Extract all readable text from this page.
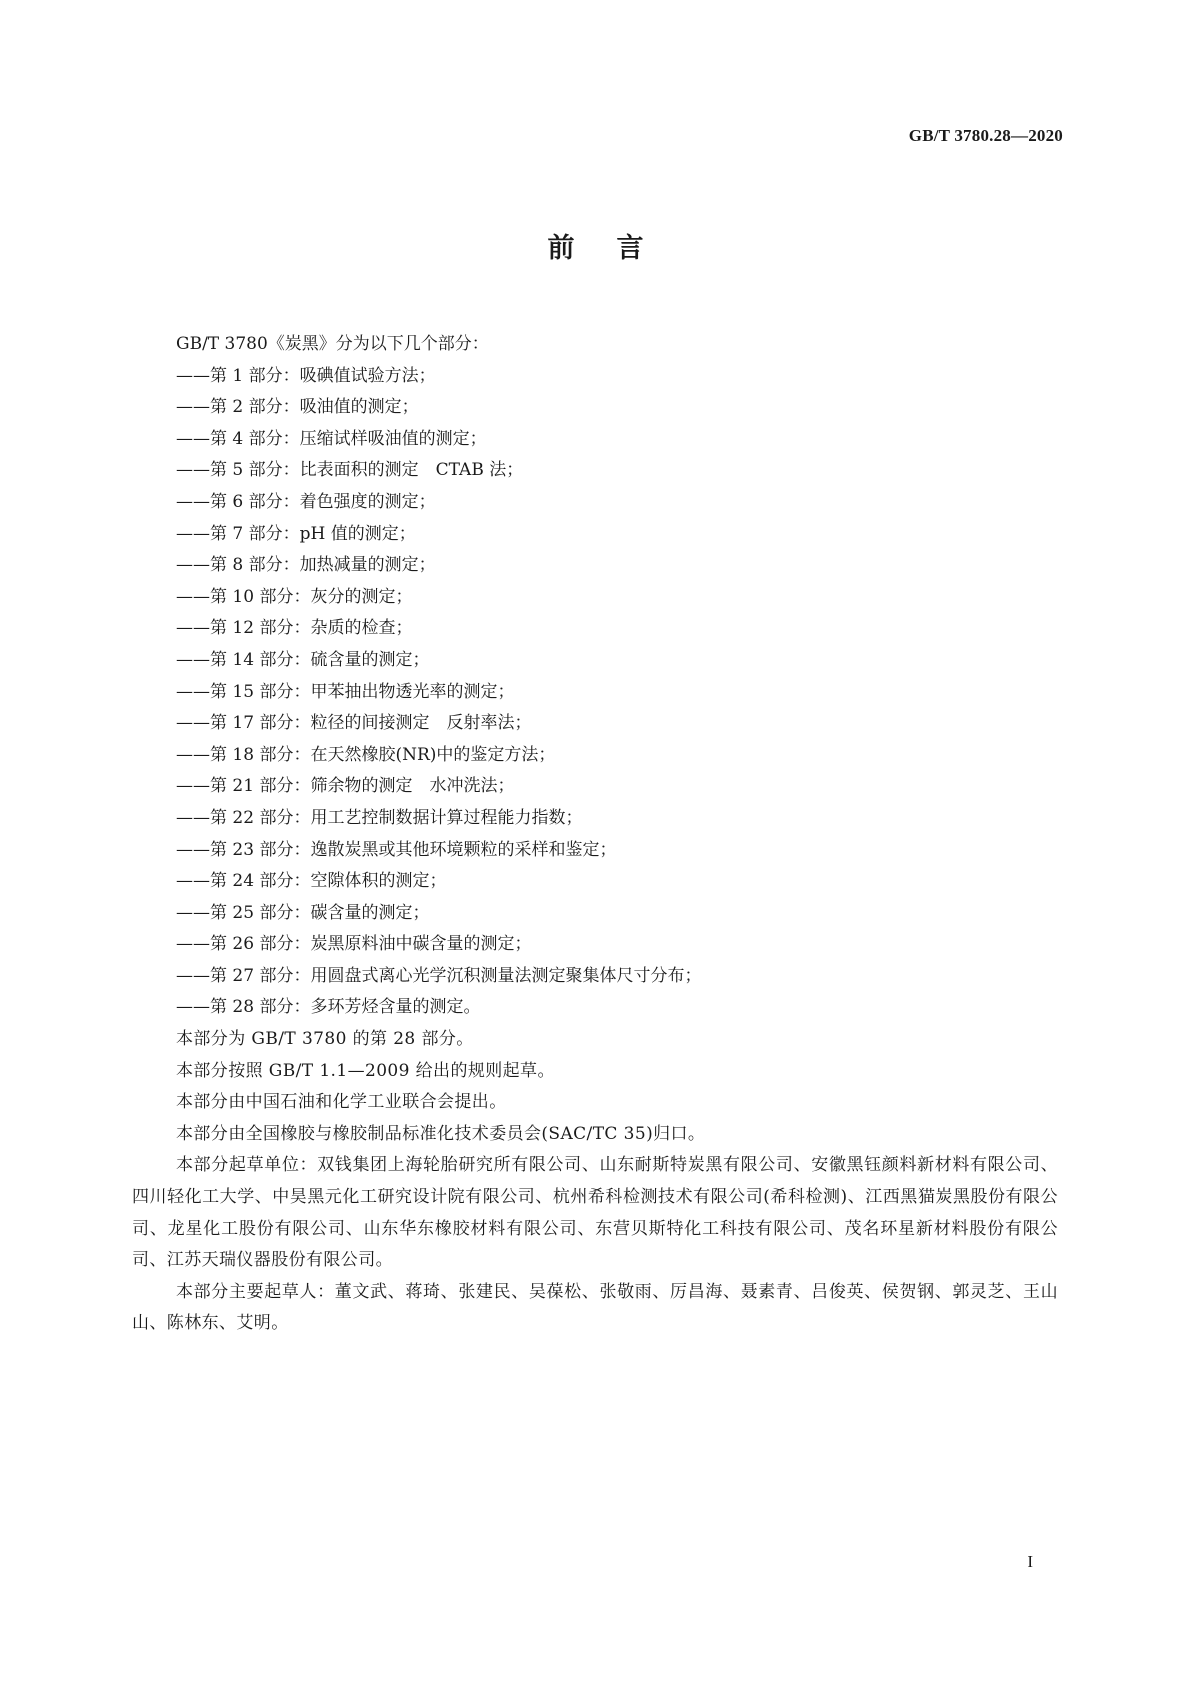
GB/T 3780.28—2020
前言

GB/T 3780《炭黑》分为以下几个部分：

——第 1 部分：吸碘值试验方法；

——第 2 部分：吸油值的测定；

——第 4 部分：压缩试样吸油值的测定；

——第 5 部分：比表面积的测定　CTAB 法；

——第 6 部分：着色强度的测定；

——第 7 部分：pH 值的测定；

——第 8 部分：加热减量的测定；

——第 10 部分：灰分的测定；

——第 12 部分：杂质的检查；

——第 14 部分：硫含量的测定；

——第 15 部分：甲苯抽出物透光率的测定；

——第 17 部分：粒径的间接测定　反射率法；

——第 18 部分：在天然橡胶(NR)中的鉴定方法；

——第 21 部分：筛余物的测定　水冲洗法；

——第 22 部分：用工艺控制数据计算过程能力指数；

——第 23 部分：逸散炭黑或其他环境颗粒的采样和鉴定；

——第 24 部分：空隙体积的测定；

——第 25 部分：碳含量的测定；

——第 26 部分：炭黑原料油中碳含量的测定；

——第 27 部分：用圆盘式离心光学沉积测量法测定聚集体尺寸分布；

——第 28 部分：多环芳烃含量的测定。

本部分为 GB/T 3780 的第 28 部分。

本部分按照 GB/T 1.1—2009 给出的规则起草。

本部分由中国石油和化学工业联合会提出。

本部分由全国橡胶与橡胶制品标准化技术委员会(SAC/TC 35)归口。

本部分起草单位：双钱集团上海轮胎研究所有限公司、山东耐斯特炭黑有限公司、安徽黑钰颜料新材料有限公司、四川轻化工大学、中昊黑元化工研究设计院有限公司、杭州希科检测技术有限公司(希科检测)、江西黑猫炭黑股份有限公司、龙星化工股份有限公司、山东华东橡胶材料有限公司、东营贝斯特化工科技有限公司、茂名环星新材料股份有限公司、江苏天瑞仪器股份有限公司。

本部分主要起草人：董文武、蒋琦、张建民、吴葆松、张敬雨、厉昌海、聂素青、吕俊英、侯贺钢、郭灵芝、王山山、陈林东、艾明。

I
